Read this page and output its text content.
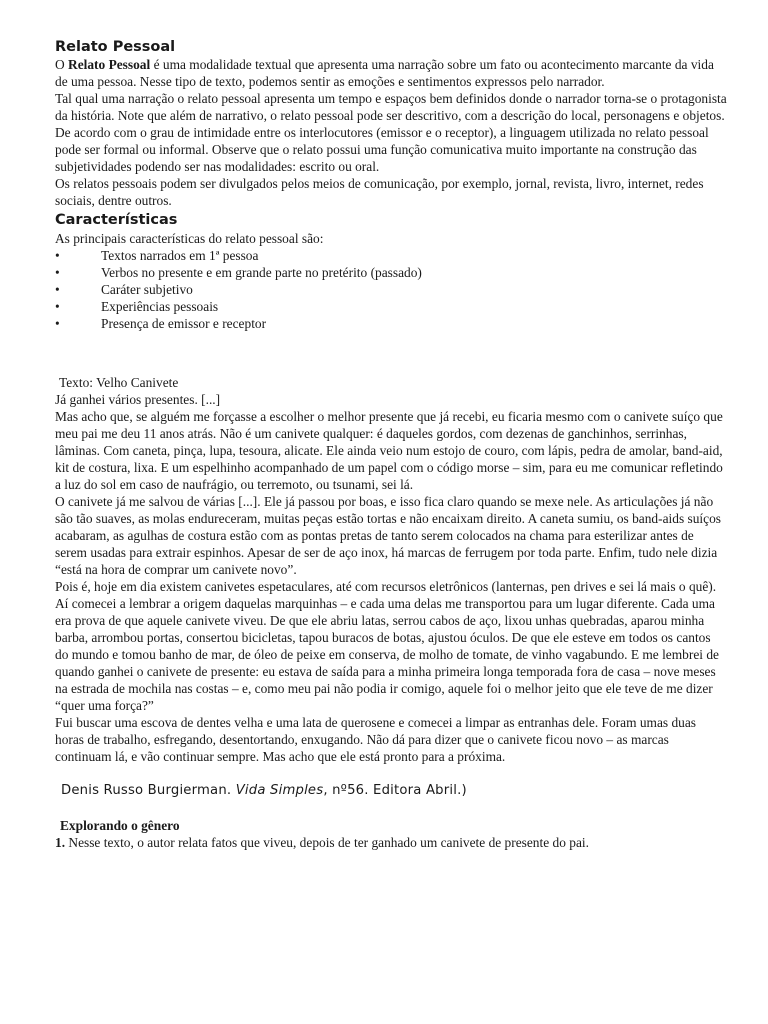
Relato Pessoal

O Relato Pessoal é uma modalidade textual que apresenta uma narração sobre um fato ou acontecimento marcante da vida de uma pessoa. Nesse tipo de texto, podemos sentir as emoções e sentimentos expressos pelo narrador.

Tal qual uma narração o relato pessoal apresenta um tempo e espaços bem definidos donde o narrador torna-se o protagonista da história. Note que além de narrativo, o relato pessoal pode ser descritivo, com a descrição do local, personagens e objetos.

De acordo com o grau de intimidade entre os interlocutores (emissor e o receptor), a linguagem utilizada no relato pessoal pode ser formal ou informal. Observe que o relato possui uma função comunicativa muito importante na construção das subjetividades podendo ser nas modalidades: escrito ou oral.

Os relatos pessoais podem ser divulgados pelos meios de comunicação, por exemplo, jornal, revista, livro, internet, redes sociais, dentre outros.

Características

As principais características do relato pessoal são:

• Textos narrados em 1ª pessoa
• Verbos no presente e em grande parte no pretérito (passado)
• Caráter subjetivo
• Experiências pessoais
• Presença de emissor e receptor

Texto: Velho Canivete

Já ganhei vários presentes. [...]

Mas acho que, se alguém me forçasse a escolher o melhor presente que já recebi, eu ficaria mesmo com o canivete suíço que meu pai me deu 11 anos atrás. Não é um canivete qualquer: é daqueles gordos, com dezenas de ganchinhos, serrinhas, lâminas. Com caneta, pinça, lupa, tesoura, alicate. Ele ainda veio num estojo de couro, com lápis, pedra de amolar, band-aid, kit de costura, lixa. E um espelhinho acompanhado de um papel com o código morse – sim, para eu me comunicar refletindo a luz do sol em caso de naufrágio, ou terremoto, ou tsunami, sei lá.

O canivete já me salvou de várias [...]. Ele já passou por boas, e isso fica claro quando se mexe nele. As articulações já não são tão suaves, as molas endureceram, muitas peças estão tortas e não encaixam direito. A caneta sumiu, os band-aids suíços acabaram, as agulhas de costura estão com as pontas pretas de tanto serem colocados na chama para esterilizar antes de serem usadas para extrair espinhos. Apesar de ser de aço inox, há marcas de ferrugem por toda parte. Enfim, tudo nele dizia “está na hora de comprar um canivete novo”.

Pois é, hoje em dia existem canivetes espetaculares, até com recursos eletrônicos (lanternas, pen drives e sei lá mais o quê). Aí comecei a lembrar a origem daquelas marquinhas – e cada uma delas me transportou para um lugar diferente. Cada uma era prova de que aquele canivete viveu. De que ele abriu latas, serrou cabos de aço, lixou unhas quebradas, aparou minha barba, arrombou portas, consertou bicicletas, tapou buracos de botas, ajustou óculos. De que ele esteve em todos os cantos do mundo e tomou banho de mar, de óleo de peixe em conserva, de molho de tomate, de vinho vagabundo. E me lembrei de quando ganhei o canivete de presente: eu estava de saída para a minha primeira longa temporada fora de casa – nove meses na estrada de mochila nas costas – e, como meu pai não podia ir comigo, aquele foi o melhor jeito que ele teve de me dizer “quer uma força?”

Fui buscar uma escova de dentes velha e uma lata de querosene e comecei a limpar as entranhas dele. Foram umas duas horas de trabalho, esfregando, desentortando, enxugando. Não dá para dizer que o canivete ficou novo – as marcas continuam lá, e vão continuar sempre. Mas acho que ele está pronto para a próxima.

Denis Russo Burgierman. Vida Simples, nº56. Editora Abril.)

Explorando o gênero

1. Nesse texto, o autor relata fatos que viveu, depois de ter ganhado um canivete de presente do pai.
